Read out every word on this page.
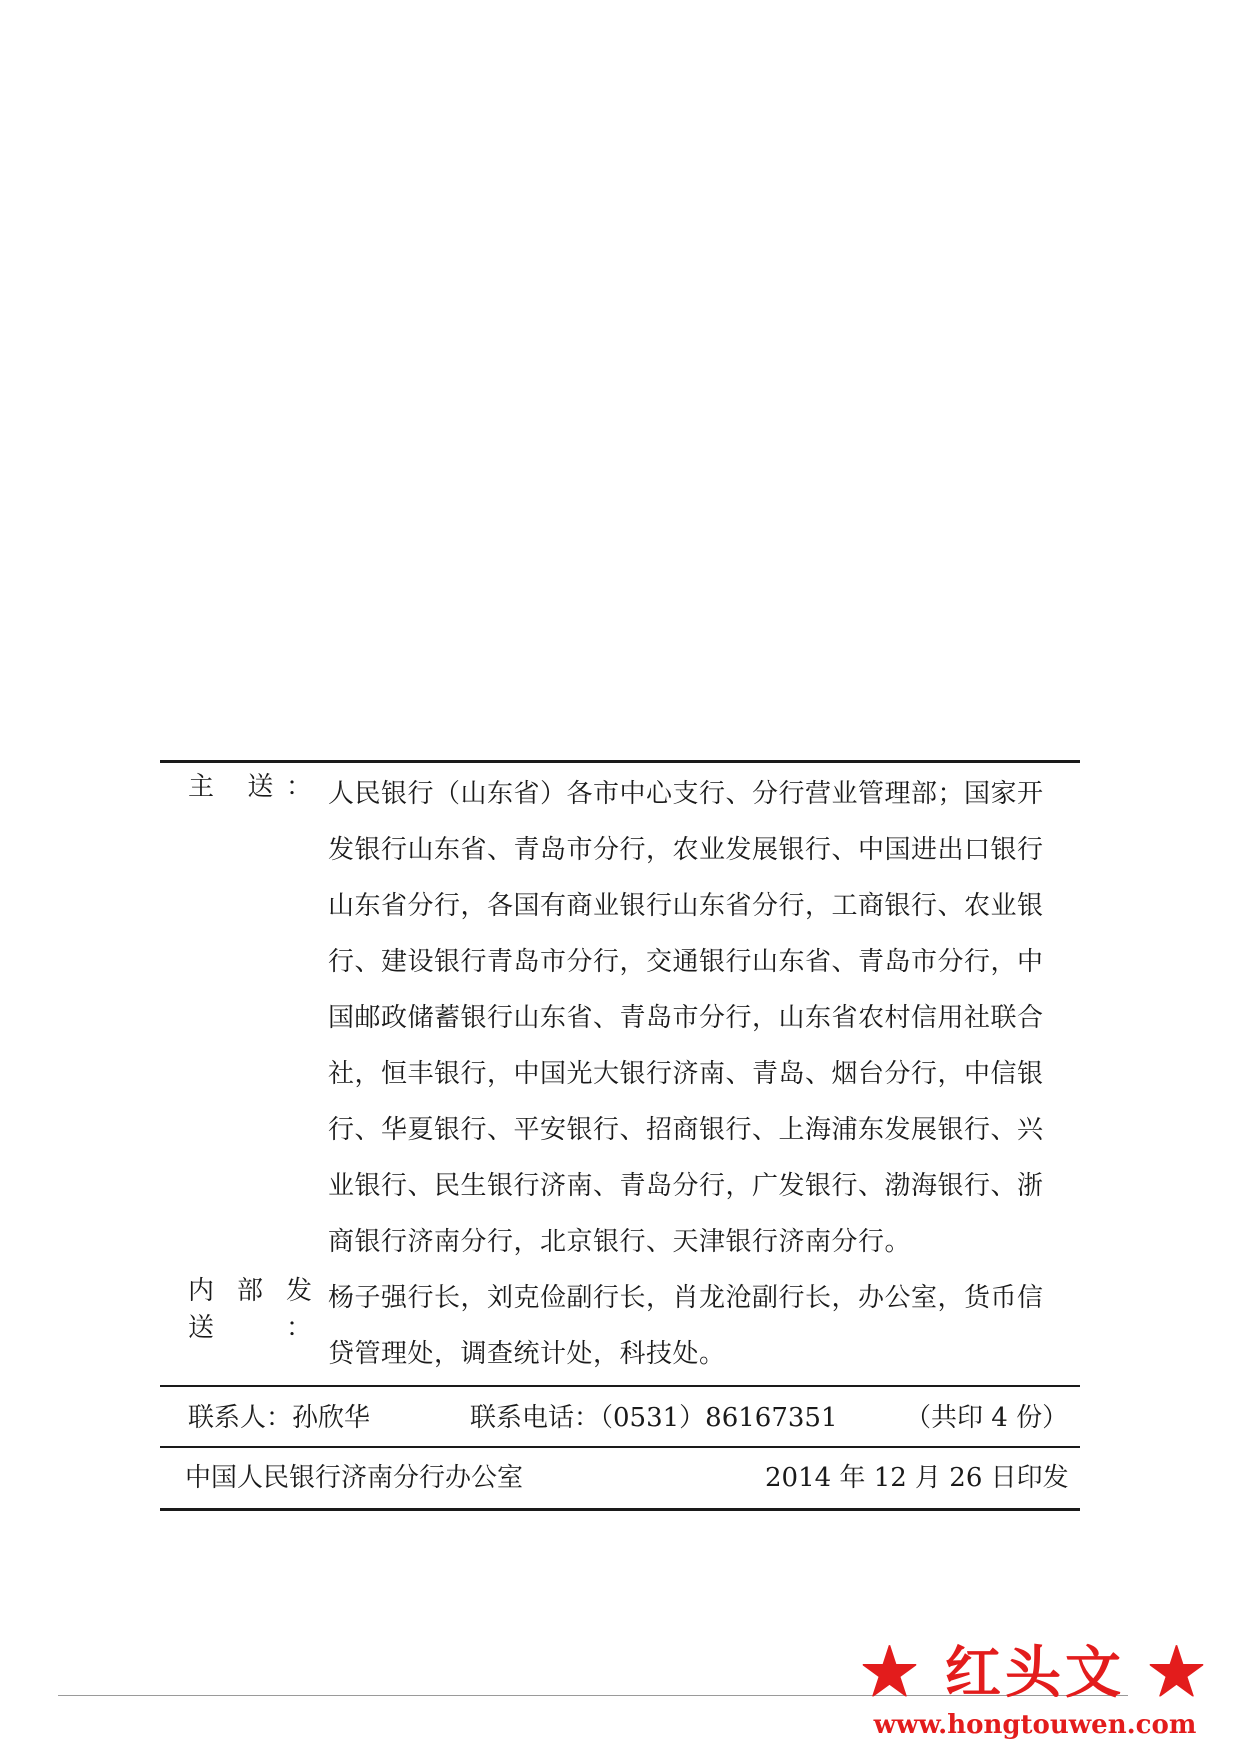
主 送： 人民银行（山东省）各市中心支行、分行营业管理部；国家开
发银行山东省、青岛市分行，农业发展银行、中国进出口银行
山东省分行，各国有商业银行山东省分行，工商银行、农业银
行、建设银行青岛市分行，交通银行山东省、青岛市分行，中
国邮政储蓄银行山东省、青岛市分行，山东省农村信用社联合
社，恒丰银行，中国光大银行济南、青岛、烟台分行，中信银
行、华夏银行、平安银行、招商银行、上海浦东发展银行、兴
业银行、民生银行济南、青岛分行，广发银行、渤海银行、浙
商银行济南分行，北京银行、天津银行济南分行。
内部发送：
杨子强行长，刘克俭副行长，肖龙沧副行长，办公室，货币信
贷管理处，调查统计处，科技处。
联系人：孙欣华	联系电话：（0531）86167351	（共印 4 份）
中国人民银行济南分行办公室	2014 年 12 月 26 日印发
★ 红头文 ★
www.hongtouwen.com
